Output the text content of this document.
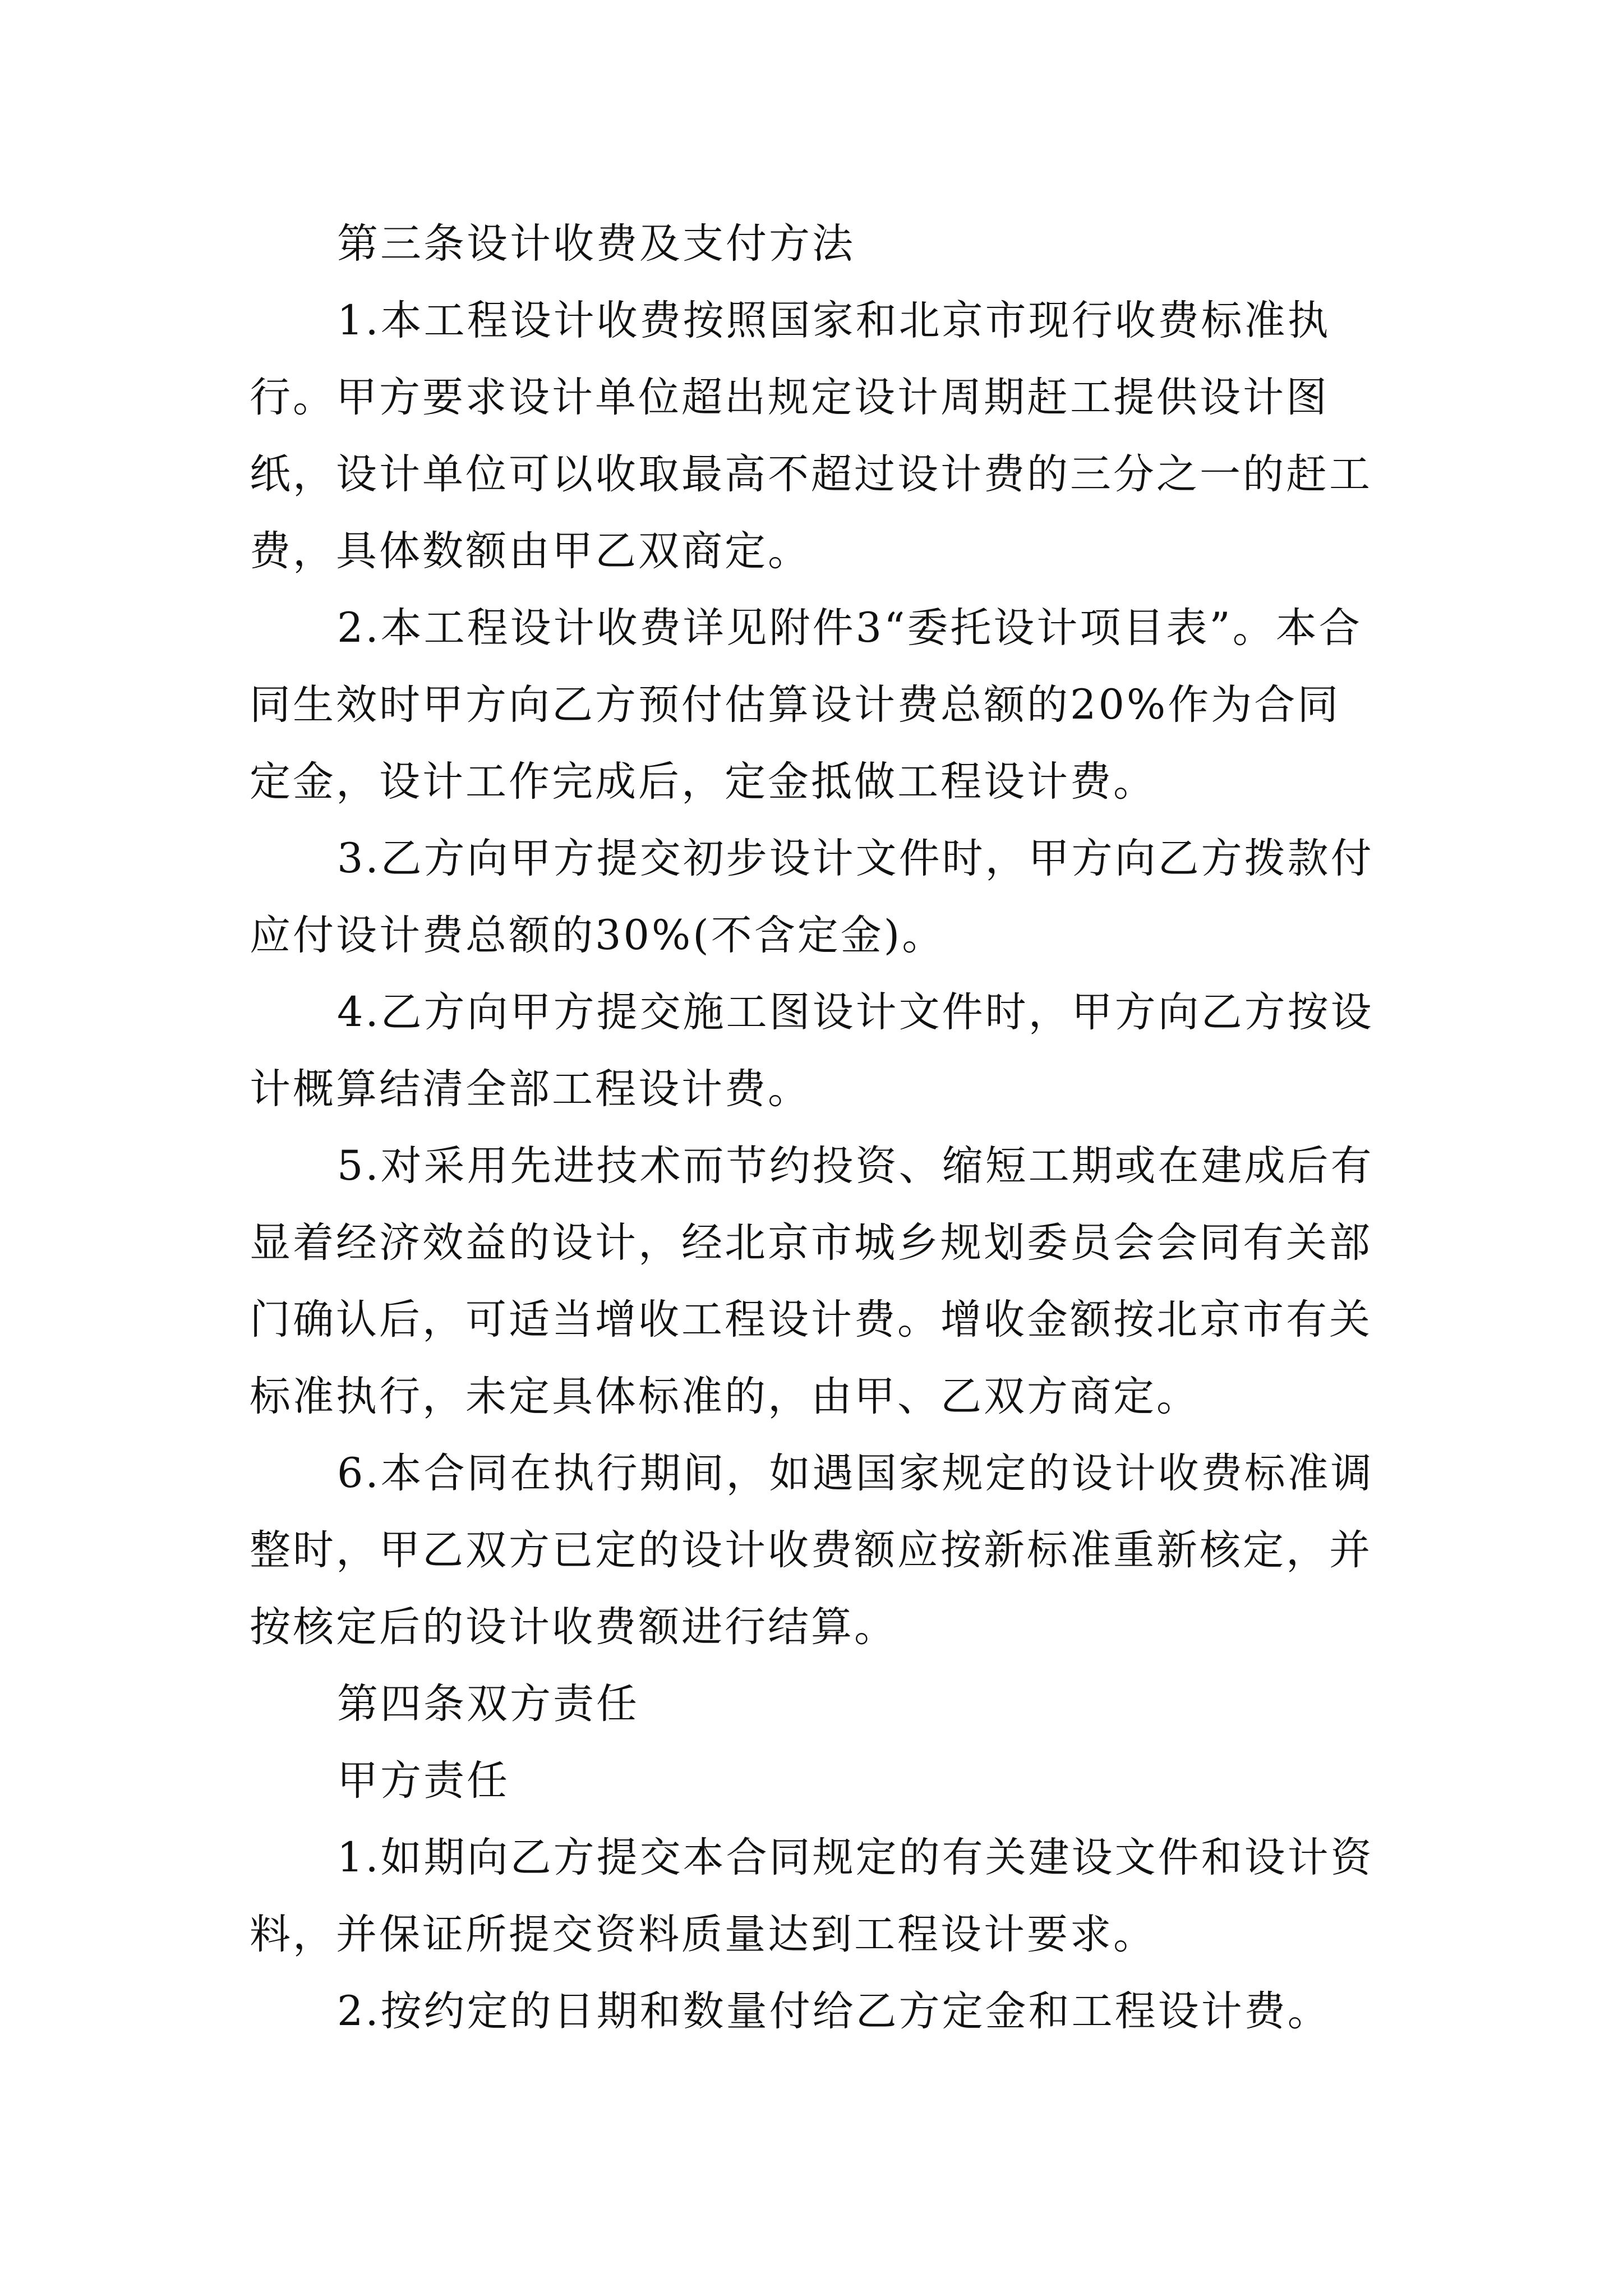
第三条设计收费及支付方法

1.本工程设计收费按照国家和北京市现行收费标准执行。甲方要求设计单位超出规定设计周期赶工提供设计图纸，设计单位可以收取最高不超过设计费的三分之一的赶工费，具体数额由甲乙双商定。

2.本工程设计收费详见附件3“委托设计项目表”。本合同生效时甲方向乙方预付估算设计费总额的20%作为合同定金，设计工作完成后，定金抵做工程设计费。

3.乙方向甲方提交初步设计文件时，甲方向乙方拨款付应付设计费总额的30%(不含定金)。

4.乙方向甲方提交施工图设计文件时，甲方向乙方按设计概算结清全部工程设计费。

5.对采用先进技术而节约投资、缩短工期或在建成后有显着经济效益的设计，经北京市城乡规划委员会会同有关部门确认后，可适当增收工程设计费。增收金额按北京市有关标准执行，未定具体标准的，由甲、乙双方商定。

6.本合同在执行期间，如遇国家规定的设计收费标准调整时，甲乙双方已定的设计收费额应按新标准重新核定，并按核定后的设计收费额进行结算。

第四条双方责任

甲方责任

1.如期向乙方提交本合同规定的有关建设文件和设计资料，并保证所提交资料质量达到工程设计要求。

2.按约定的日期和数量付给乙方定金和工程设计费。
